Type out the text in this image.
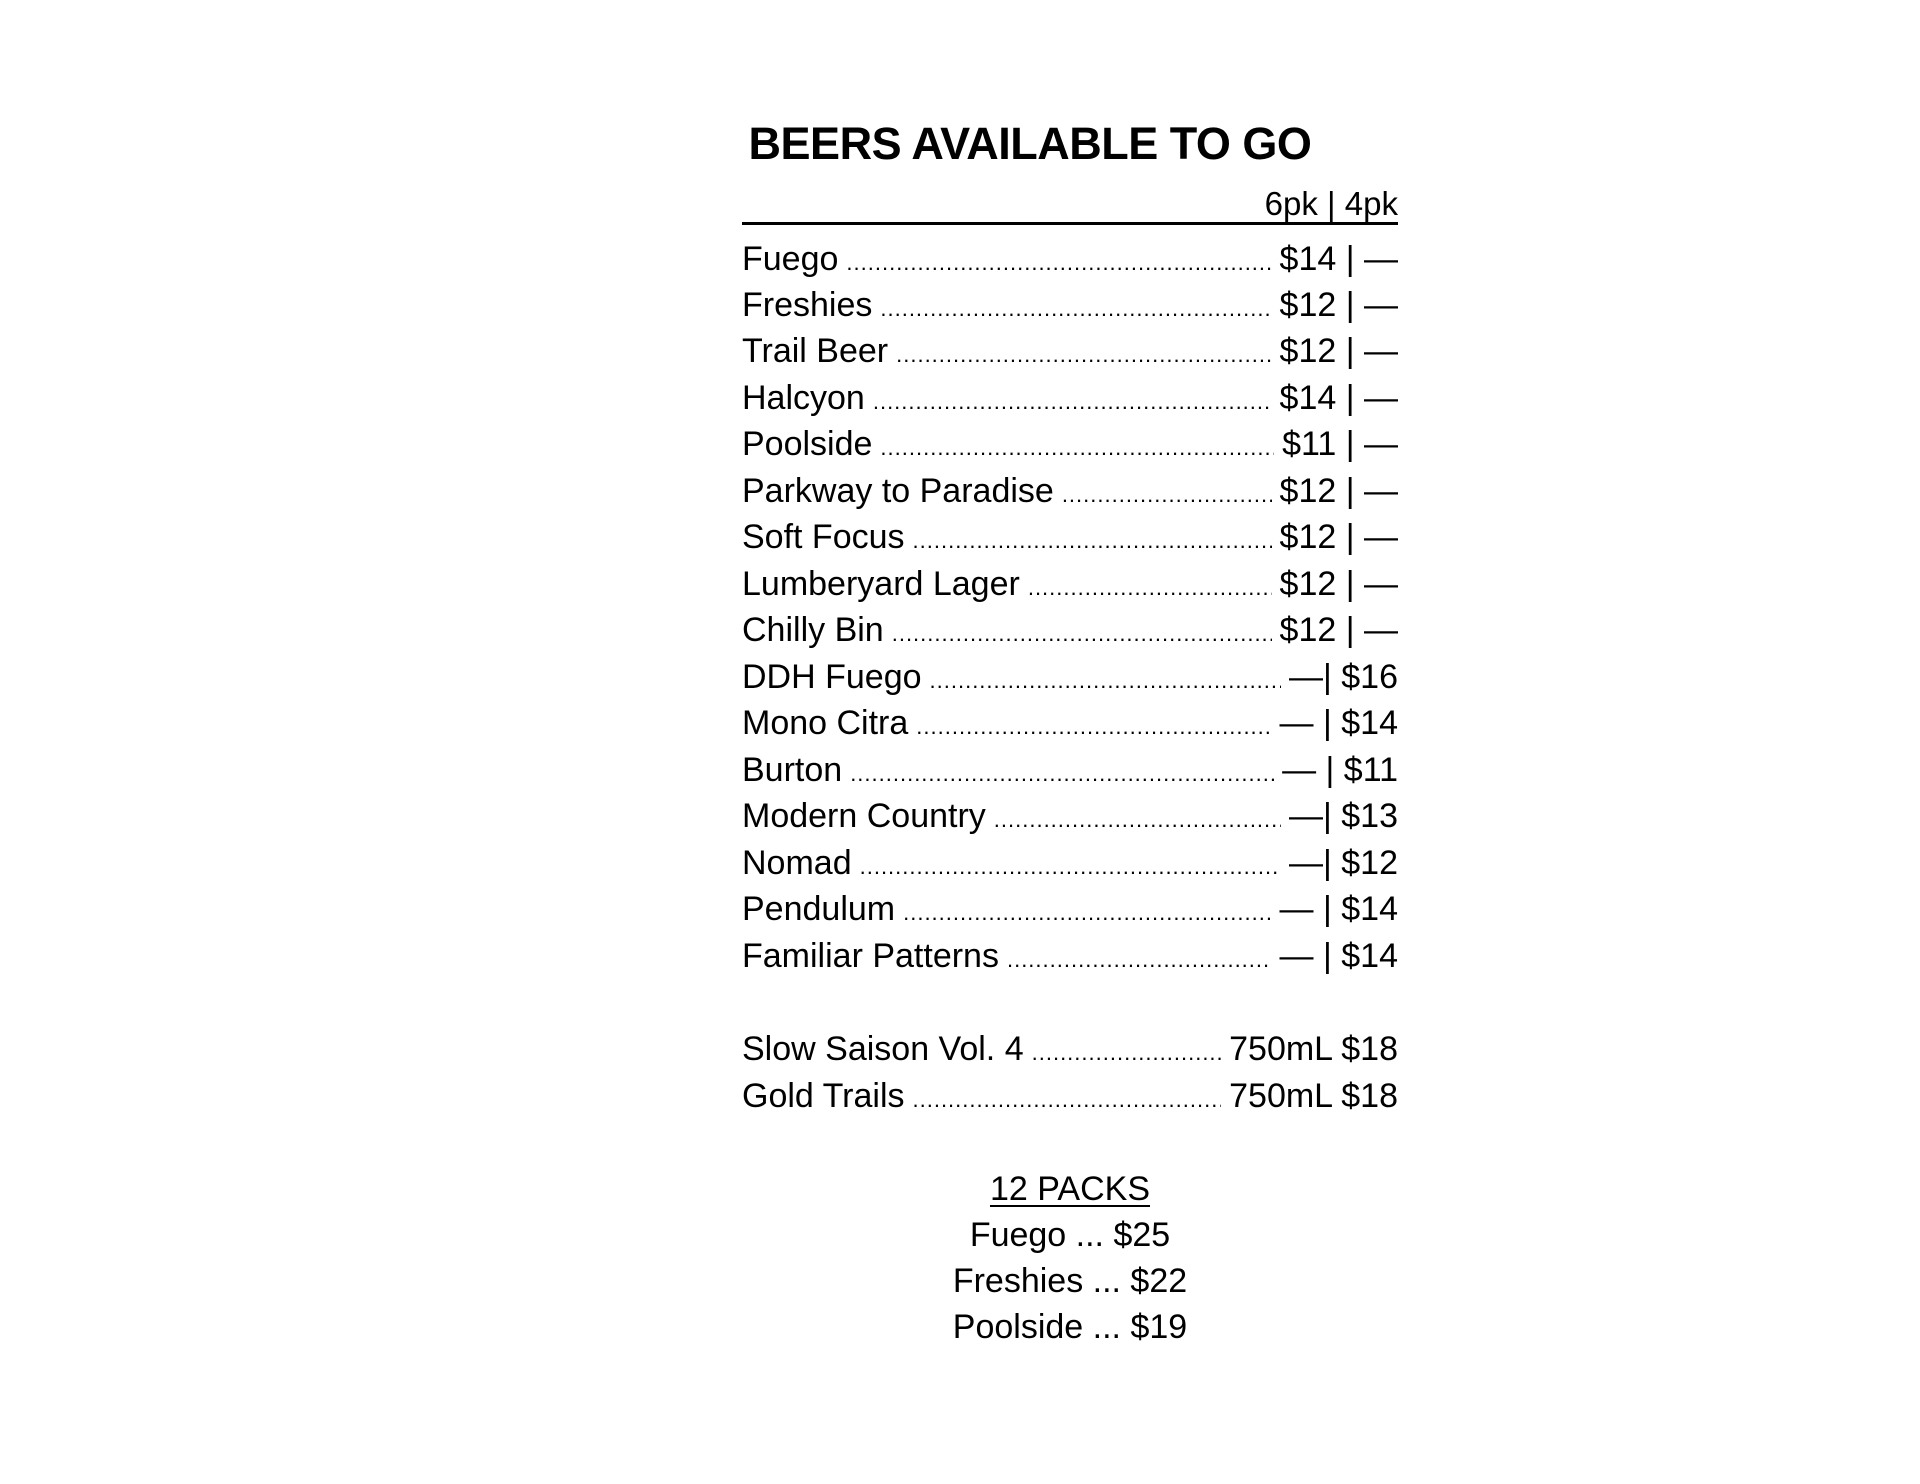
BEERS AVAILABLE TO GO
6pk | 4pk
Fuego .....	$14 | —
Freshies .....	$12 | —
Trail Beer .....	$12 | —
Halcyon .....	$14 | —
Poolside .....	$11 | —
Parkway to Paradise .....	$12 | —
Soft Focus .....	$12 | —
Lumberyard Lager .....	$12 | —
Chilly Bin .....	$12 | —
DDH Fuego .....	—| $16
Mono Citra .....	— | $14
Burton .....	— | $11
Modern Country .....	—| $13
Nomad .....	—| $12
Pendulum .....	— | $14
Familiar Patterns .....	— | $14
Slow Saison Vol. 4 .....	750mL $18
Gold Trails .....	750mL $18
12 PACKS
Fuego ... $25
Freshies ... $22
Poolside ... $19
